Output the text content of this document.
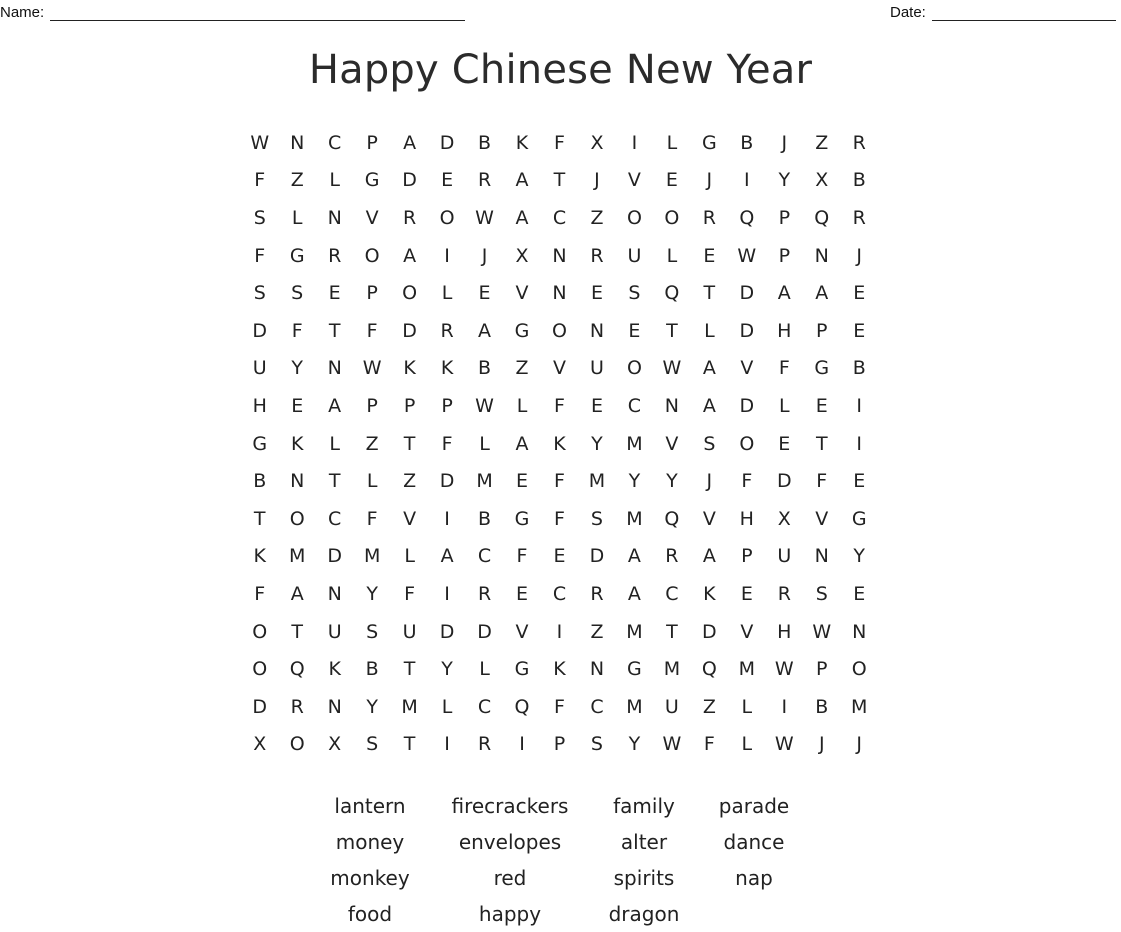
Name:	Date:
Happy Chinese New Year
W	N	C	P	A	D	B	K	F	X	I	L	G	B	J	Z	R
F	Z	L	G	D	E	R	A	T	J	V	E	J	I	Y	X	B
S	L	N	V	R	O	W	A	C	Z	O	O	R	Q	P	Q	R
F	G	R	O	A	I	J	X	N	R	U	L	E	W	P	N	J
S	S	E	P	O	L	E	V	N	E	S	Q	T	D	A	A	E
D	F	T	F	D	R	A	G	O	N	E	T	L	D	H	P	E
U	Y	N	W	K	K	B	Z	V	U	O	W	A	V	F	G	B
H	E	A	P	P	P	W	L	F	E	C	N	A	D	L	E	I
G	K	L	Z	T	F	L	A	K	Y	M	V	S	O	E	T	I
B	N	T	L	Z	D	M	E	F	M	Y	Y	J	F	D	F	E
T	O	C	F	V	I	B	G	F	S	M	Q	V	H	X	V	G
K	M	D	M	L	A	C	F	E	D	A	R	A	P	U	N	Y
F	A	N	Y	F	I	R	E	C	R	A	C	K	E	R	S	E
O	T	U	S	U	D	D	V	I	Z	M	T	D	V	H	W	N
O	Q	K	B	T	Y	L	G	K	N	G	M	Q	M	W	P	O
D	R	N	Y	M	L	C	Q	F	C	M	U	Z	L	I	B	M
X	O	X	S	T	I	R	I	P	S	Y	W	F	L	W	J	J
lantern	firecrackers	family	parade
money	envelopes	alter	dance
monkey	red	spirits	nap
food	happy	dragon
